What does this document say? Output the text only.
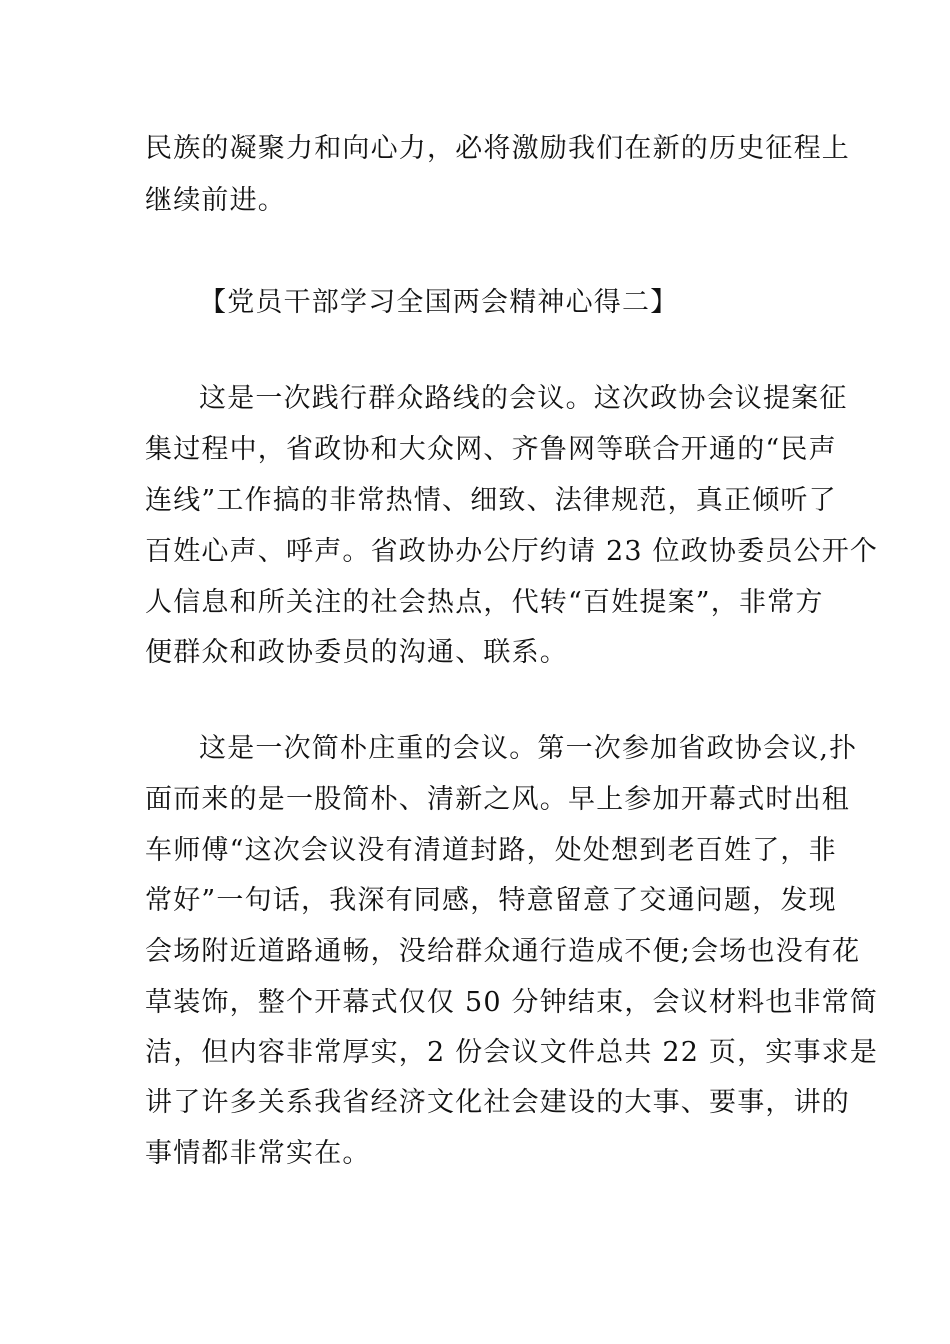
民族的凝聚力和向心力，必将激励我们在新的历史征程上

继续前进。

【党员干部学习全国两会精神心得二】

这是一次践行群众路线的会议。这次政协会议提案征

集过程中，省政协和大众网、齐鲁网等联合开通的“民声

连线”工作搞的非常热情、细致、法律规范，真正倾听了

百姓心声、呼声。省政协办公厅约请 23 位政协委员公开个

人信息和所关注的社会热点，代转“百姓提案”，非常方

便群众和政协委员的沟通、联系。

这是一次简朴庄重的会议。第一次参加省政协会议,扑

面而来的是一股简朴、清新之风。早上参加开幕式时出租

车师傅“这次会议没有清道封路，处处想到老百姓了，非

常好”一句话，我深有同感，特意留意了交通问题，发现

会场附近道路通畅，没给群众通行造成不便;会场也没有花

草装饰，整个开幕式仅仅 50 分钟结束，会议材料也非常简

洁，但内容非常厚实，2 份会议文件总共 22 页，实事求是

讲了许多关系我省经济文化社会建设的大事、要事，讲的

事情都非常实在。
